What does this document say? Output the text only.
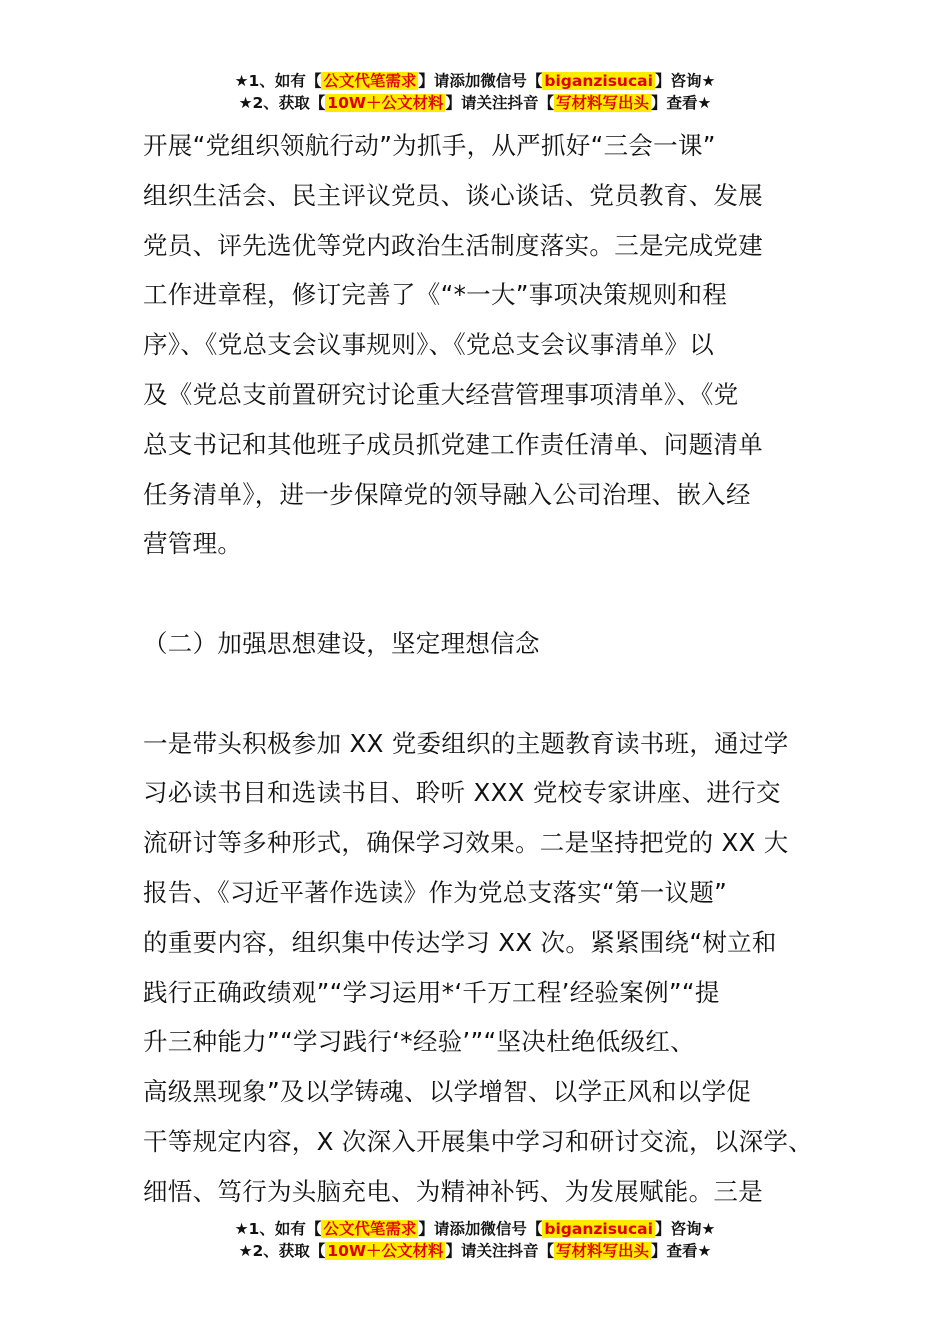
★1、如有【 公文代笔需求 】请添加微信号【 biganzisucai 】咨询★
★2、获取【 10W＋公文材料 】请关注抖音【 写材料写出头 】查看★

开展“党组织领航行动”为抓手，从严抓好“三会一课”

组织生活会、民主评议党员、谈心谈话、党员教育、发展

党员、评先选优等党内政治生活制度落实。三是完成党建

工作进章程，修订完善了《“*一大”事项决策规则和程

序》、《党总支会议事规则》、《党总支会议事清单》以

及《党总支前置研究讨论重大经营管理事项清单》、《党

总支书记和其他班子成员抓党建工作责任清单、问题清单

任务清单》，进一步保障党的领导融入公司治理、嵌入经

营管理。

（二）加强思想建设，坚定理想信念

一是带头积极参加 XX 党委组织的主题教育读书班，通过学

习必读书目和选读书目、聆听 XXX 党校专家讲座、进行交

流研讨等多种形式，确保学习效果。二是坚持把党的 XX 大

报告、《习近平著作选读》作为党总支落实“第一议题”

的重要内容，组织集中传达学习 XX 次。紧紧围绕“树立和

践行正确政绩观”“学习运用*‘千万工程’经验案例”“提

升三种能力”“学习践行‘*经验’”“坚决杜绝低级红、

高级黑现象”及以学铸魂、以学增智、以学正风和以学促

干等规定内容，X 次深入开展集中学习和研讨交流，以深学、

细悟、笃行为头脑充电、为精神补钙、为发展赋能。三是

★1、如有【 公文代笔需求 】请添加微信号【 biganzisucai 】咨询★
★2、获取【 10W＋公文材料 】请关注抖音【 写材料写出头 】查看★
